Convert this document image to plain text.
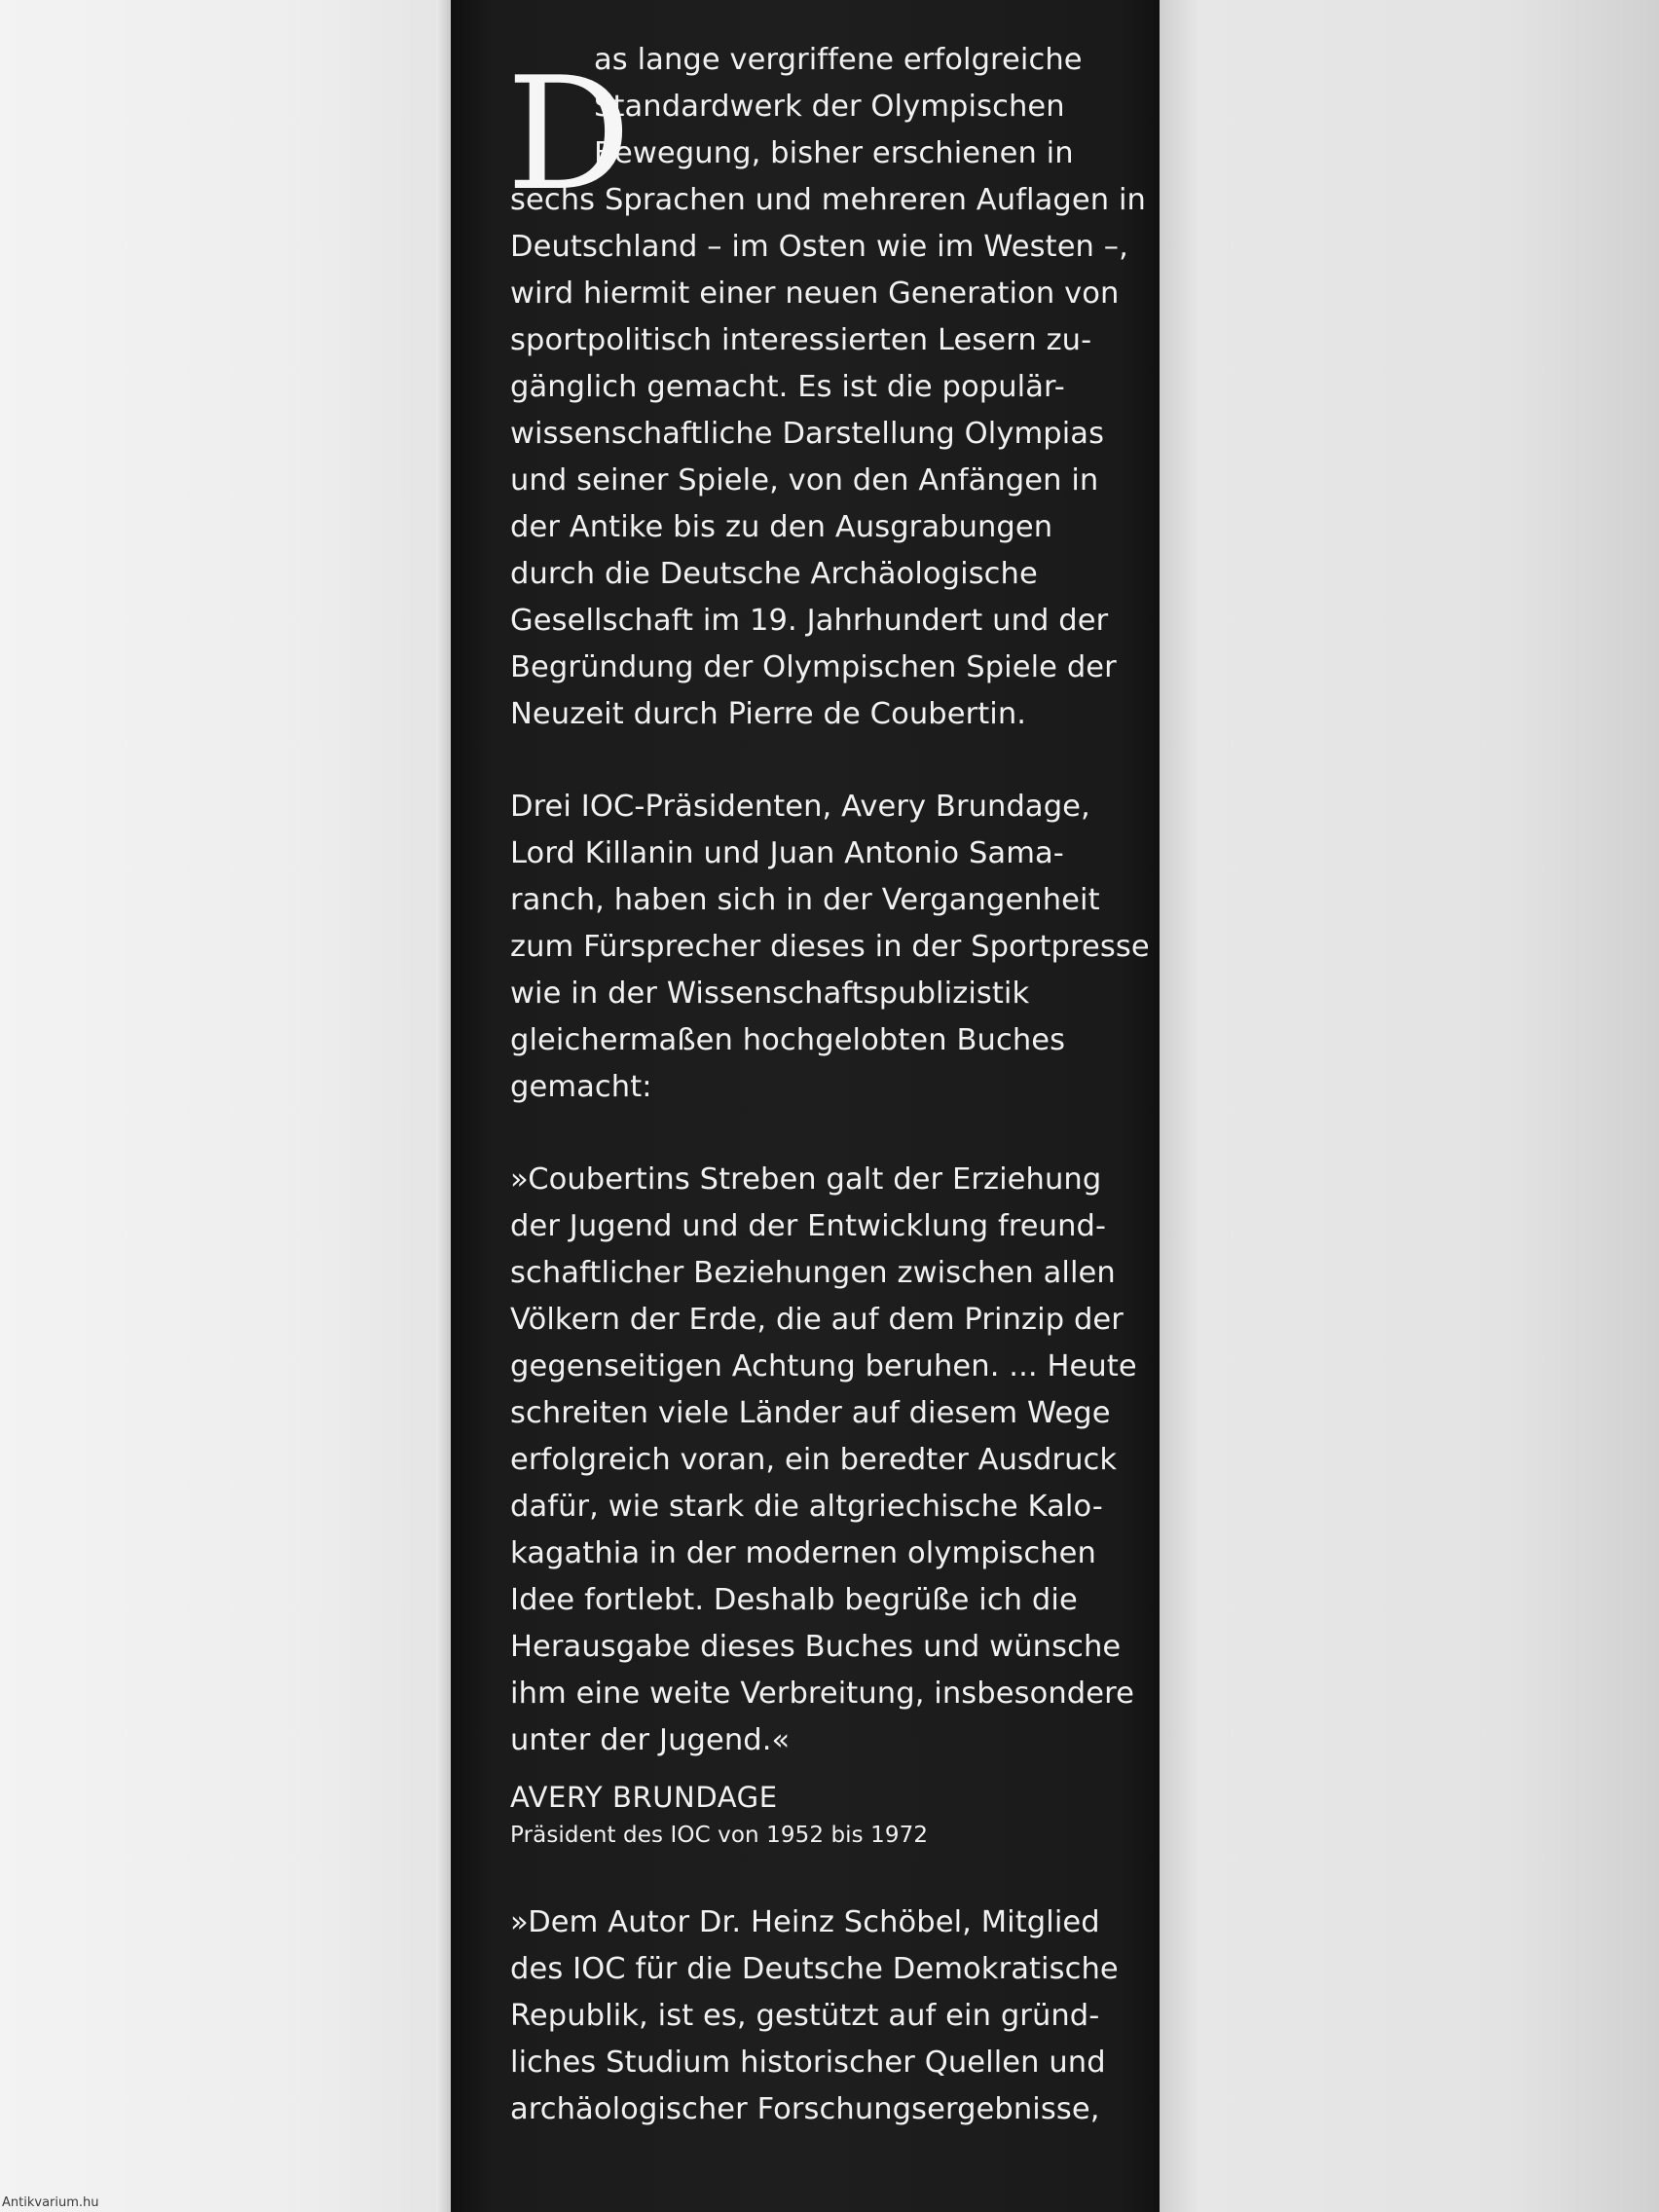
D
as lange vergriffene erfolgreiche
Standardwerk der Olympischen
Bewegung, bisher erschienen in
sechs Sprachen und mehreren Auflagen in
Deutschland – im Osten wie im Westen –,
wird hiermit einer neuen Generation von
sportpolitisch interessierten Lesern zu-
gänglich gemacht. Es ist die populär-
wissenschaftliche Darstellung Olympias
und seiner Spiele, von den Anfängen in
der Antike bis zu den Ausgrabungen
durch die Deutsche Archäologische
Gesellschaft im 19. Jahrhundert und der
Begründung der Olympischen Spiele der
Neuzeit durch Pierre de Coubertin.
Drei IOC-Präsidenten, Avery Brundage,
Lord Killanin und Juan Antonio Sama-
ranch, haben sich in der Vergangenheit
zum Fürsprecher dieses in der Sportpresse
wie in der Wissenschaftspublizistik
gleichermaßen hochgelobten Buches
gemacht:
»Coubertins Streben galt der Erziehung
der Jugend und der Entwicklung freund-
schaftlicher Beziehungen zwischen allen
Völkern der Erde, die auf dem Prinzip der
gegenseitigen Achtung beruhen. ... Heute
schreiten viele Länder auf diesem Wege
erfolgreich voran, ein beredter Ausdruck
dafür, wie stark die altgriechische Kalo-
kagathia in der modernen olympischen
Idee fortlebt. Deshalb begrüße ich die
Herausgabe dieses Buches und wünsche
ihm eine weite Verbreitung, insbesondere
unter der Jugend.«

AVERY BRUNDAGE

Präsident des IOC von 1952 bis 1972

»Dem Autor Dr. Heinz Schöbel, Mitglied
des IOC für die Deutsche Demokratische
Republik, ist es, gestützt auf ein gründ-
liches Studium historischer Quellen und
archäologischer Forschungsergebnisse,
Antikvarium.hu
